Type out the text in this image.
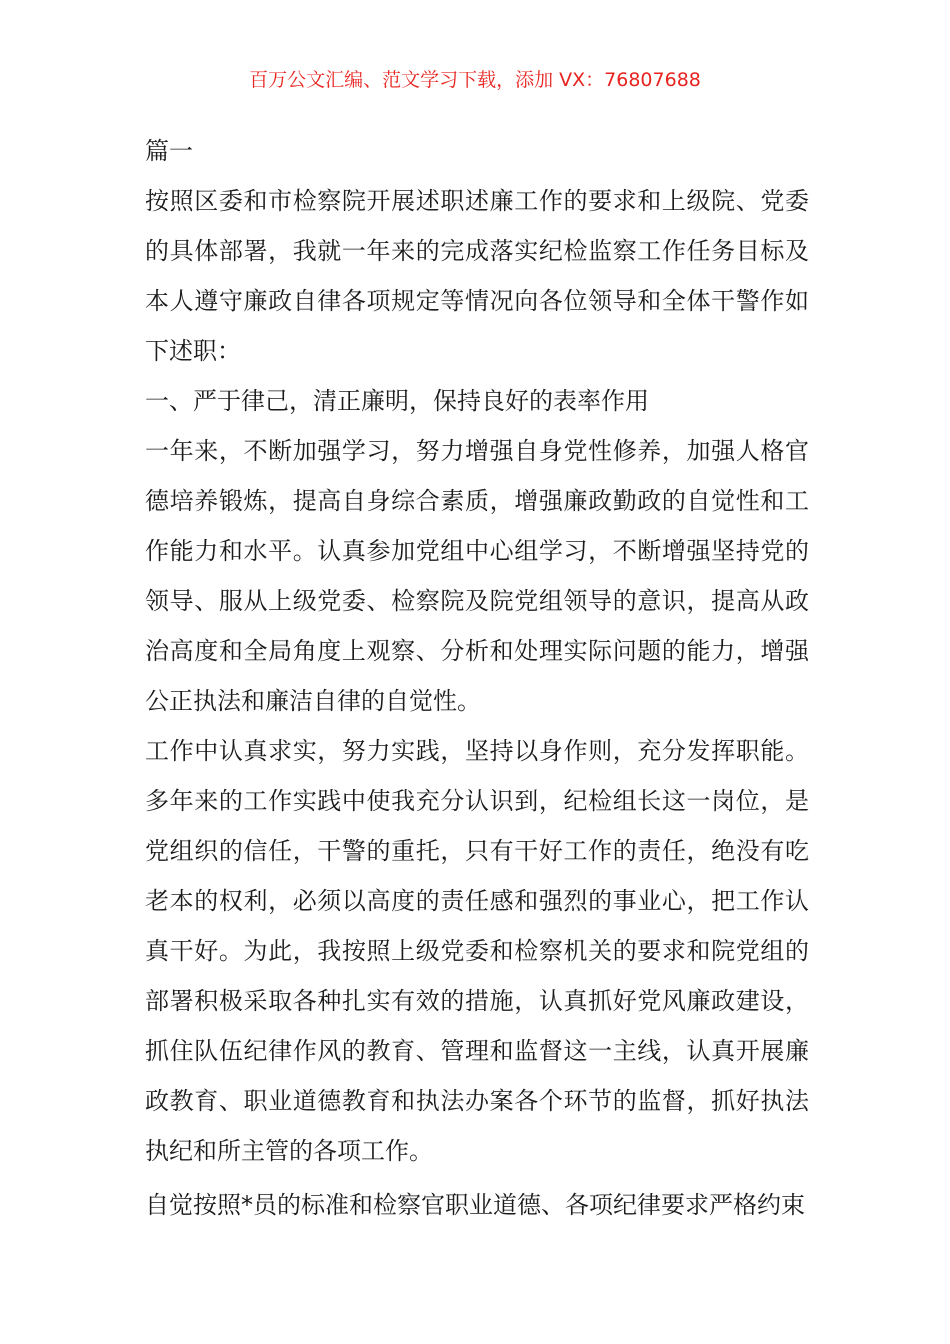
百万公文汇编、范文学习下载，添加 VX：76807688

篇一

按照区委和市检察院开展述职述廉工作的要求和上级院、党委的具体部署，我就一年来的完成落实纪检监察工作任务目标及本人遵守廉政自律各项规定等情况向各位领导和全体干警作如下述职：

一、严于律己，清正廉明，保持良好的表率作用

一年来，不断加强学习，努力增强自身党性修养，加强人格官德培养锻炼，提高自身综合素质，增强廉政勤政的自觉性和工作能力和水平。认真参加党组中心组学习，不断增强坚持党的领导、服从上级党委、检察院及院党组领导的意识，提高从政治高度和全局角度上观察、分析和处理实际问题的能力，增强公正执法和廉洁自律的自觉性。

工作中认真求实，努力实践，坚持以身作则，充分发挥职能。多年来的工作实践中使我充分认识到，纪检组长这一岗位，是党组织的信任，干警的重托，只有干好工作的责任，绝没有吃老本的权利，必须以高度的责任感和强烈的事业心，把工作认真干好。为此，我按照上级党委和检察机关的要求和院党组的部署积极采取各种扎实有效的措施，认真抓好党风廉政建设，抓住队伍纪律作风的教育、管理和监督这一主线，认真开展廉政教育、职业道德教育和执法办案各个环节的监督，抓好执法执纪和所主管的各项工作。

自觉按照*员的标准和检察官职业道德、各项纪律要求严格约束
